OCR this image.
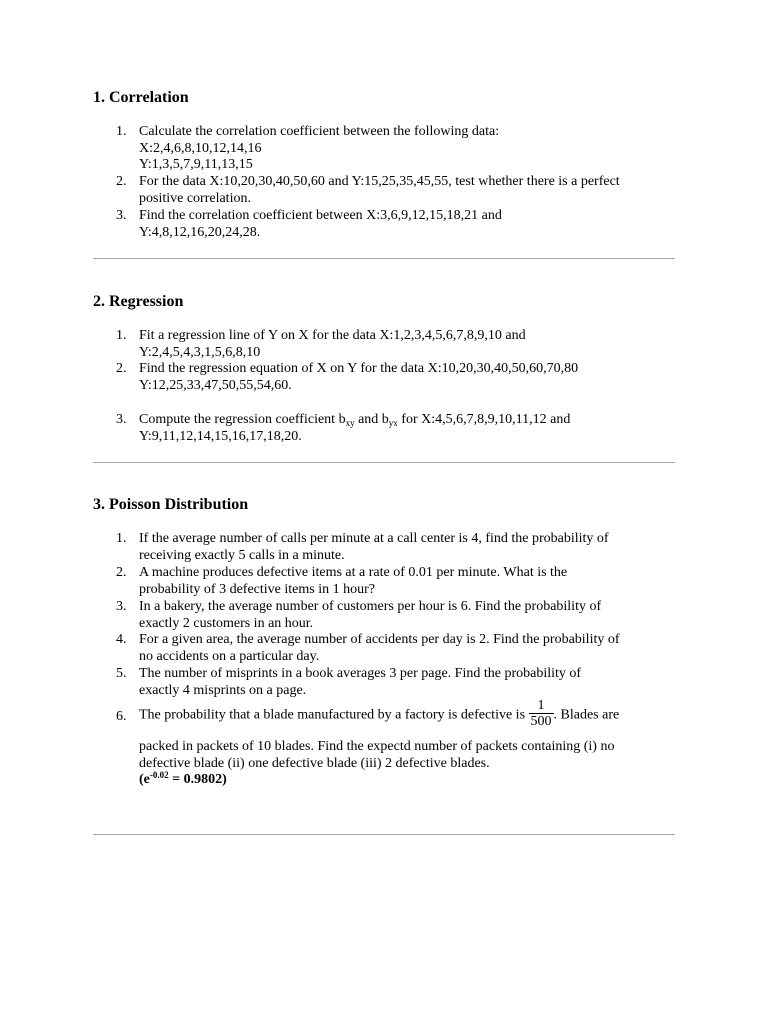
1. Correlation
1. Calculate the correlation coefficient between the following data:
X:2,4,6,8,10,12,14,16
Y:1,3,5,7,9,11,13,15
2. For the data X:10,20,30,40,50,60 and Y:15,25,35,45,55, test whether there is a perfect
positive correlation.
3. Find the correlation coefficient between X:3,6,9,12,15,18,21 and
Y:4,8,12,16,20,24,28.
2. Regression
1. Fit a regression line of Y on X for the data X:1,2,3,4,5,6,7,8,9,10 and
Y:2,4,5,4,3,1,5,6,8,10
2. Find the regression equation of X on Y for the data X:10,20,30,40,50,60,70,80
Y:12,25,33,47,50,55,54,60.
3. Compute the regression coefficient $b_{xy}$ and $b_{yx}$ for X:4,5,6,7,8,9,10,11,12 and
Y:9,11,12,14,15,16,17,18,20.
3. Poisson Distribution
1. If the average number of calls per minute at a call center is 4, find the probability of
receiving exactly 5 calls in a minute.
2. A machine produces defective items at a rate of 0.01 per minute. What is the
probability of 3 defective items in 1 hour?
3. In a bakery, the average number of customers per hour is 6. Find the probability of
exactly 2 customers in an hour.
4. For a given area, the average number of accidents per day is 2. Find the probability of
no accidents on a particular day.
5. The number of misprints in a book averages 3 per page. Find the probability of
exactly 4 misprints on a page.
6. The probability that a blade manufactured by a factory is defective is $\frac{1}{500}$ . Blades are
packed in packets of 10 blades. Find the expectd number of packets containing (i) no
defective blade (ii) one defective blade (iii) 2 defective blades.
$(e^{-0.02} = 0.9802)$
